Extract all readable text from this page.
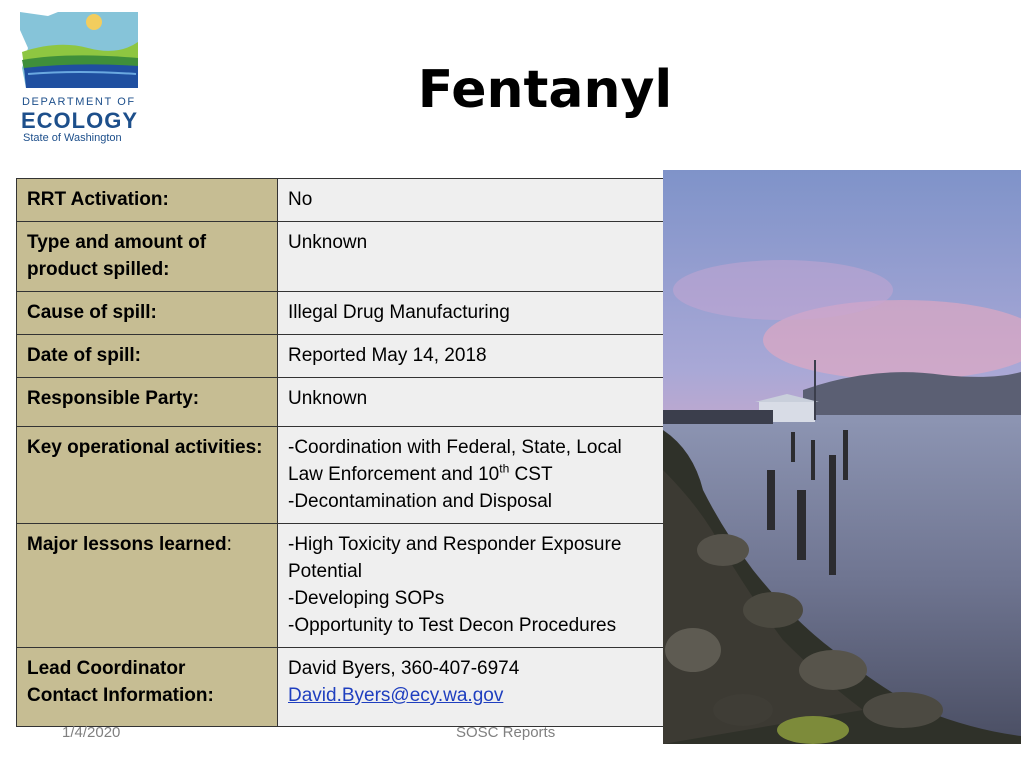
DEPARTMENT OF
ECOLOGY
State of Washington
Fentanyl
RRT Activation:	No
Type and amount of product spilled:	Unknown
Cause of spill:	Illegal Drug Manufacturing
Date of spill:	Reported May 14, 2018
Responsible Party:	Unknown
Key operational activities:	-Coordination with Federal, State, Local
Law Enforcement and 10th CST
-Decontamination and Disposal

Major lessons learned:	-High Toxicity and Responder Exposure
Potential
-Developing SOPs
-Opportunity to Test Decon Procedures

Lead Coordinator
Contact Information:	David Byers, 360-407-6974
David.Byers@ecy.wa.gov
1/4/2020	SOSC Reports
